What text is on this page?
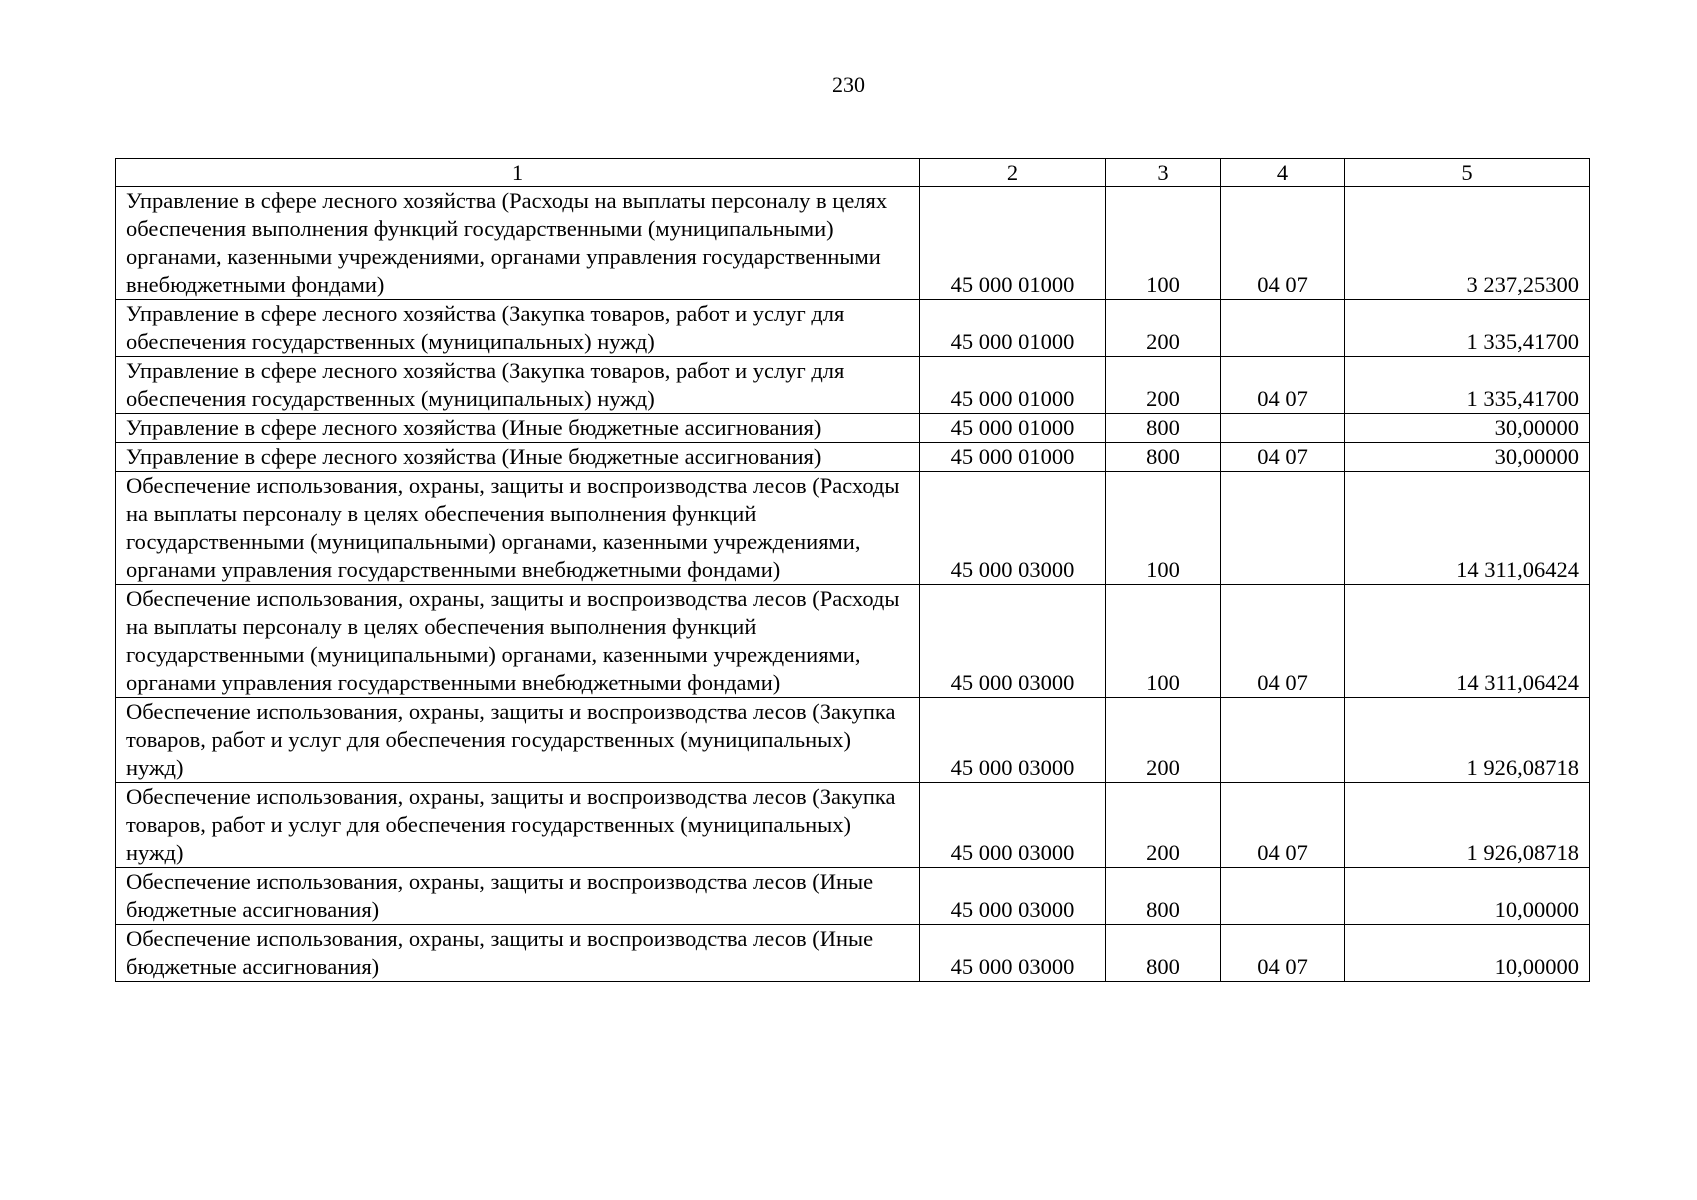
230
1	2	3	4	5
Управление в сфере лесного хозяйства (Расходы на выплаты персоналу в целях обеспечения выполнения функций государственными (муниципальными) органами, казенными учреждениями, органами управления государственными внебюджетными фондами)	45 000 01000	100	04 07	3 237,25300
Управление в сфере лесного хозяйства (Закупка товаров, работ и услуг для обеспечения государственных (муниципальных) нужд)	45 000 01000	200		1 335,41700
Управление в сфере лесного хозяйства (Закупка товаров, работ и услуг для обеспечения государственных (муниципальных) нужд)	45 000 01000	200	04 07	1 335,41700
Управление в сфере лесного хозяйства (Иные бюджетные ассигнования)	45 000 01000	800		30,00000
Управление в сфере лесного хозяйства (Иные бюджетные ассигнования)	45 000 01000	800	04 07	30,00000
Обеспечение использования, охраны, защиты и воспроизводства лесов (Расходы на выплаты персоналу в целях обеспечения выполнения функций государственными (муниципальными) органами, казенными учреждениями, органами управления государственными внебюджетными фондами)	45 000 03000	100		14 311,06424
Обеспечение использования, охраны, защиты и воспроизводства лесов (Расходы на выплаты персоналу в целях обеспечения выполнения функций государственными (муниципальными) органами, казенными учреждениями, органами управления государственными внебюджетными фондами)	45 000 03000	100	04 07	14 311,06424
Обеспечение использования, охраны, защиты и воспроизводства лесов (Закупка товаров, работ и услуг для обеспечения государственных (муниципальных) нужд)	45 000 03000	200		1 926,08718
Обеспечение использования, охраны, защиты и воспроизводства лесов (Закупка товаров, работ и услуг для обеспечения государственных (муниципальных) нужд)	45 000 03000	200	04 07	1 926,08718
Обеспечение использования, охраны, защиты и воспроизводства лесов (Иные бюджетные ассигнования)	45 000 03000	800		10,00000
Обеспечение использования, охраны, защиты и воспроизводства лесов (Иные бюджетные ассигнования)	45 000 03000	800	04 07	10,00000
